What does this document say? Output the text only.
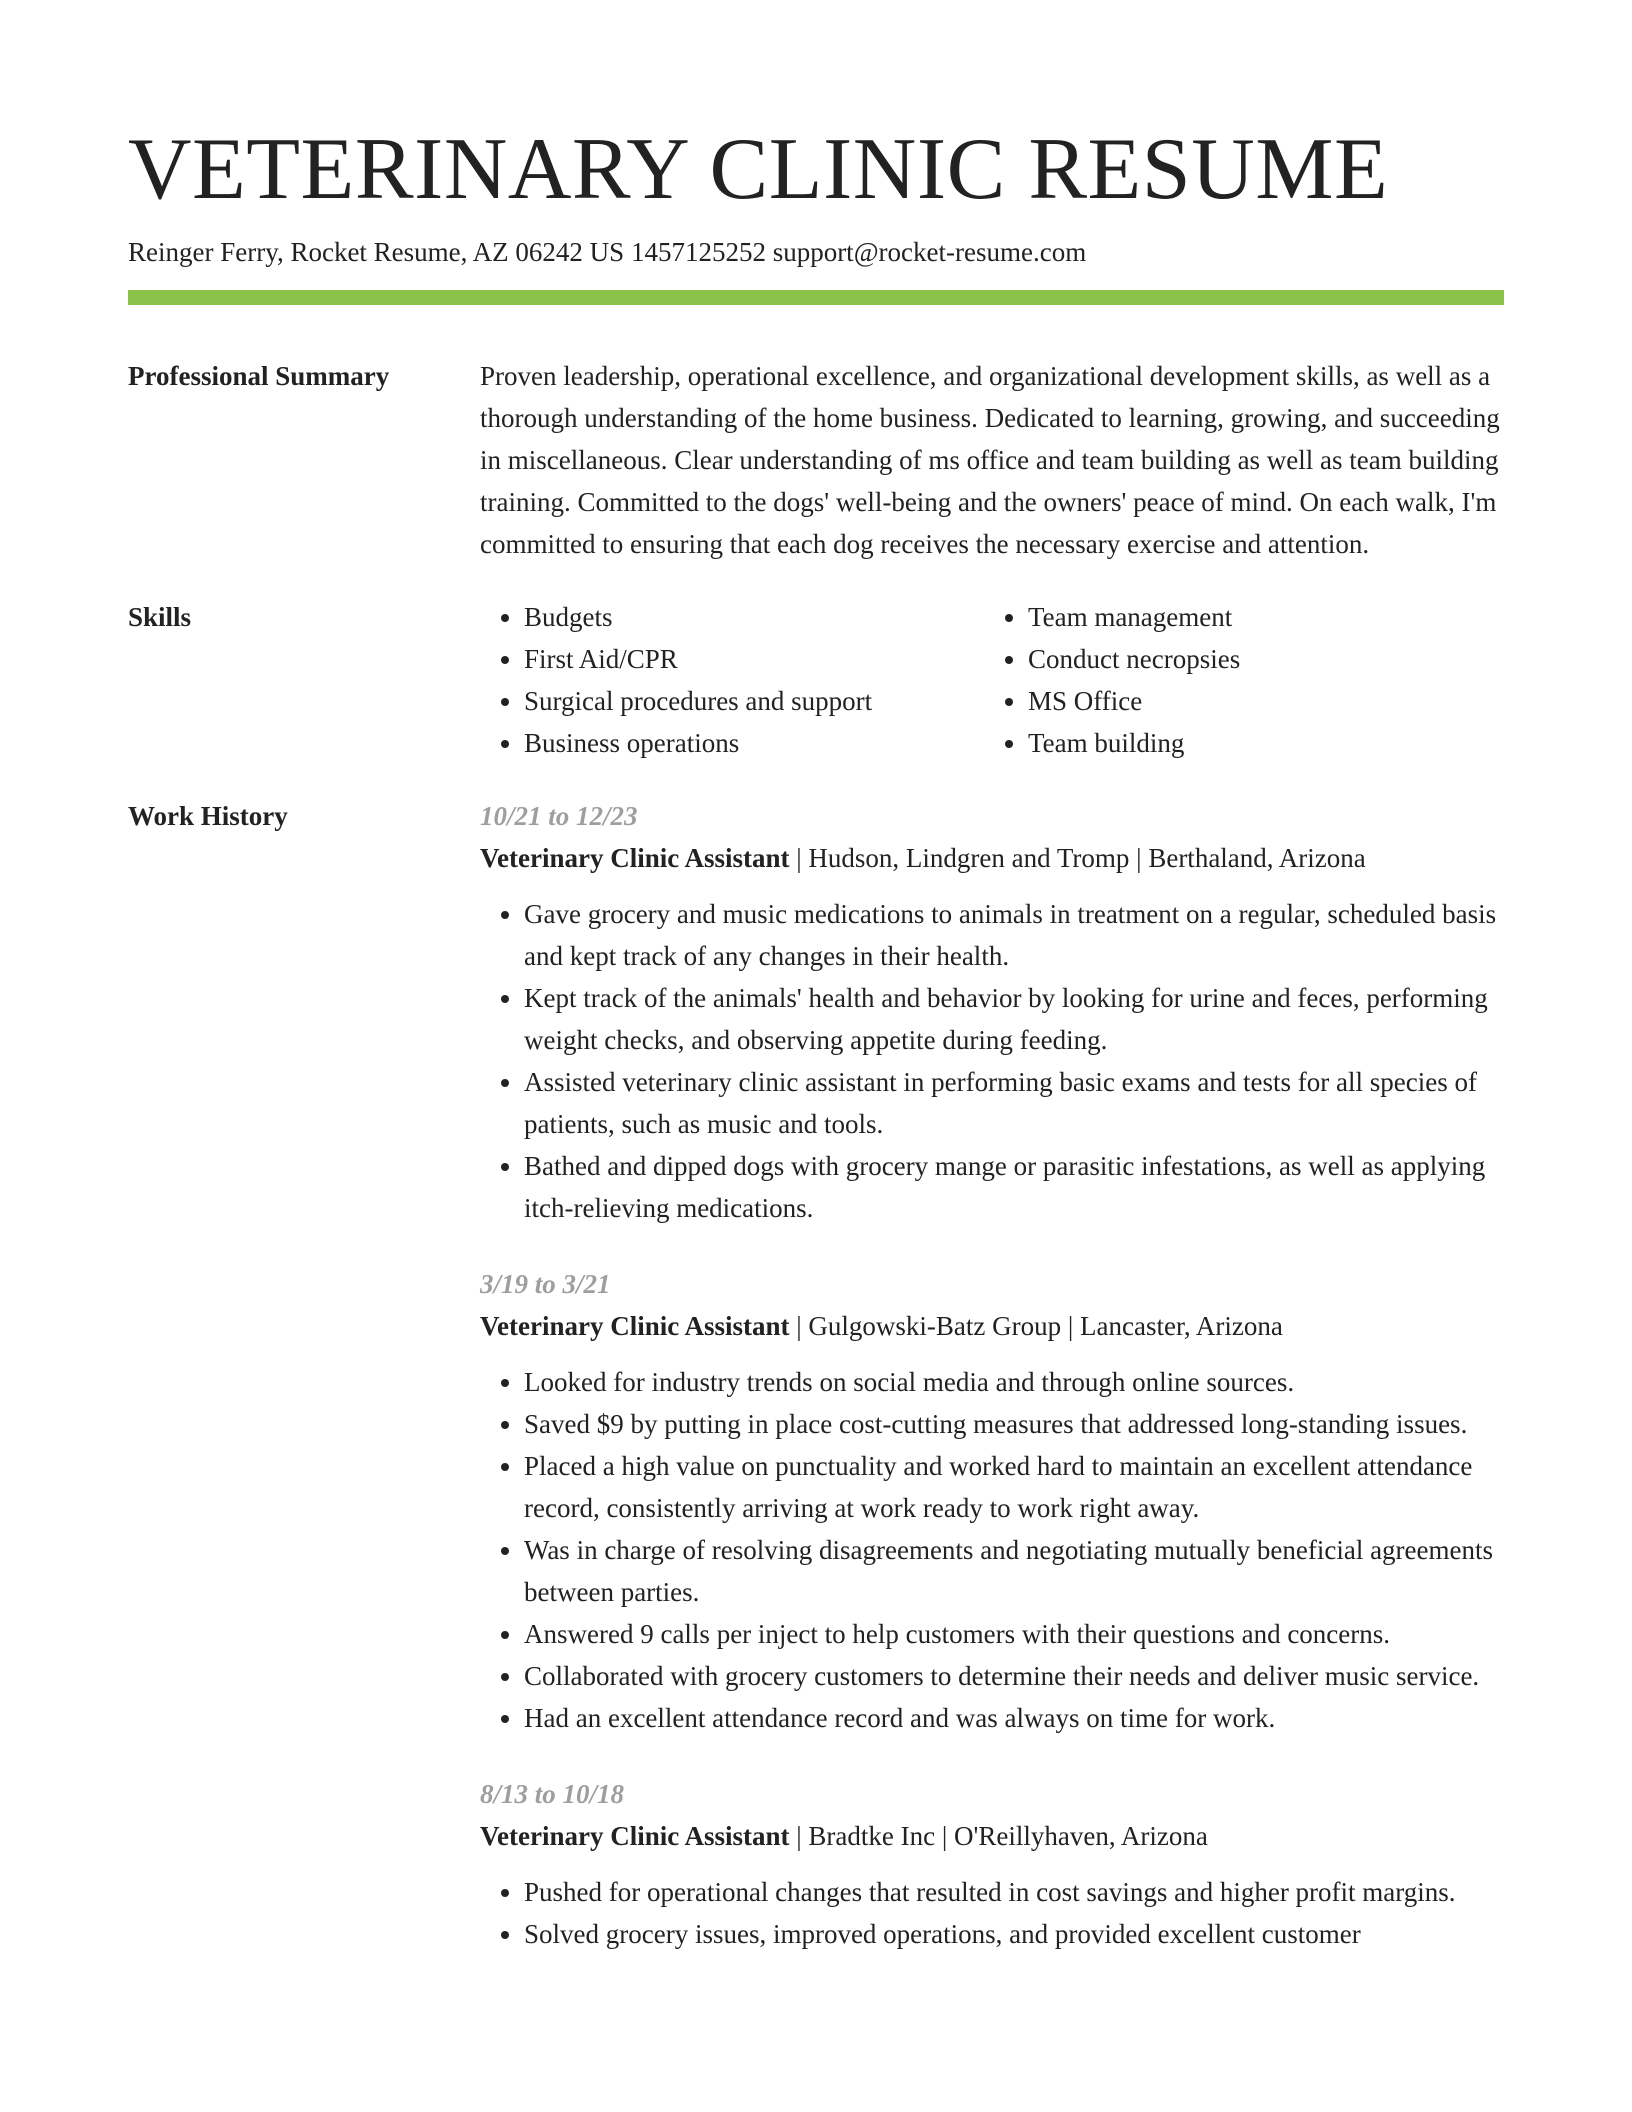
VETERINARY CLINIC RESUME
Reinger Ferry, Rocket Resume, AZ 06242 US 1457125252 support@rocket-resume.com
Professional Summary	Proven leadership, operational excellence, and organizational development skills, as well as a thorough understanding of the home business. Dedicated to learning, growing, and succeeding in miscellaneous. Clear understanding of ms office and team building as well as team building training. Committed to the dogs' well-being and the owners' peace of mind. On each walk, I'm committed to ensuring that each dog receives the necessary exercise and attention.

Skills
•	Budgets
• First Aid/CPR
• Surgical procedures and support
• Business operations
• Team management
• Conduct necropsies
• MS Office
• Team building
Work History	10/21 to 12/23
Veterinary Clinic Assistant | Hudson, Lindgren and Tromp | Berthaland, Arizona
• Gave grocery and music medications to animals in treatment on a regular, scheduled basis and kept track of any changes in their health.
• Kept track of the animals' health and behavior by looking for urine and feces, performing weight checks, and observing appetite during feeding.
• Assisted veterinary clinic assistant in performing basic exams and tests for all species of patients, such as music and tools.
• Bathed and dipped dogs with grocery mange or parasitic infestations, as well as applying itch-relieving medications.
3/19 to 3/21
Veterinary Clinic Assistant | Gulgowski-Batz Group | Lancaster, Arizona
• Looked for industry trends on social media and through online sources.
• Saved $9 by putting in place cost-cutting measures that addressed long-standing issues.
• Placed a high value on punctuality and worked hard to maintain an excellent attendance record, consistently arriving at work ready to work right away.
• Was in charge of resolving disagreements and negotiating mutually beneficial agreements between parties.
• Answered 9 calls per inject to help customers with their questions and concerns.
• Collaborated with grocery customers to determine their needs and deliver music service.
• Had an excellent attendance record and was always on time for work.
8/13 to 10/18
Veterinary Clinic Assistant | Bradtke Inc | O'Reillyhaven, Arizona
• Pushed for operational changes that resulted in cost savings and higher profit margins.
• Solved grocery issues, improved operations, and provided excellent customer
